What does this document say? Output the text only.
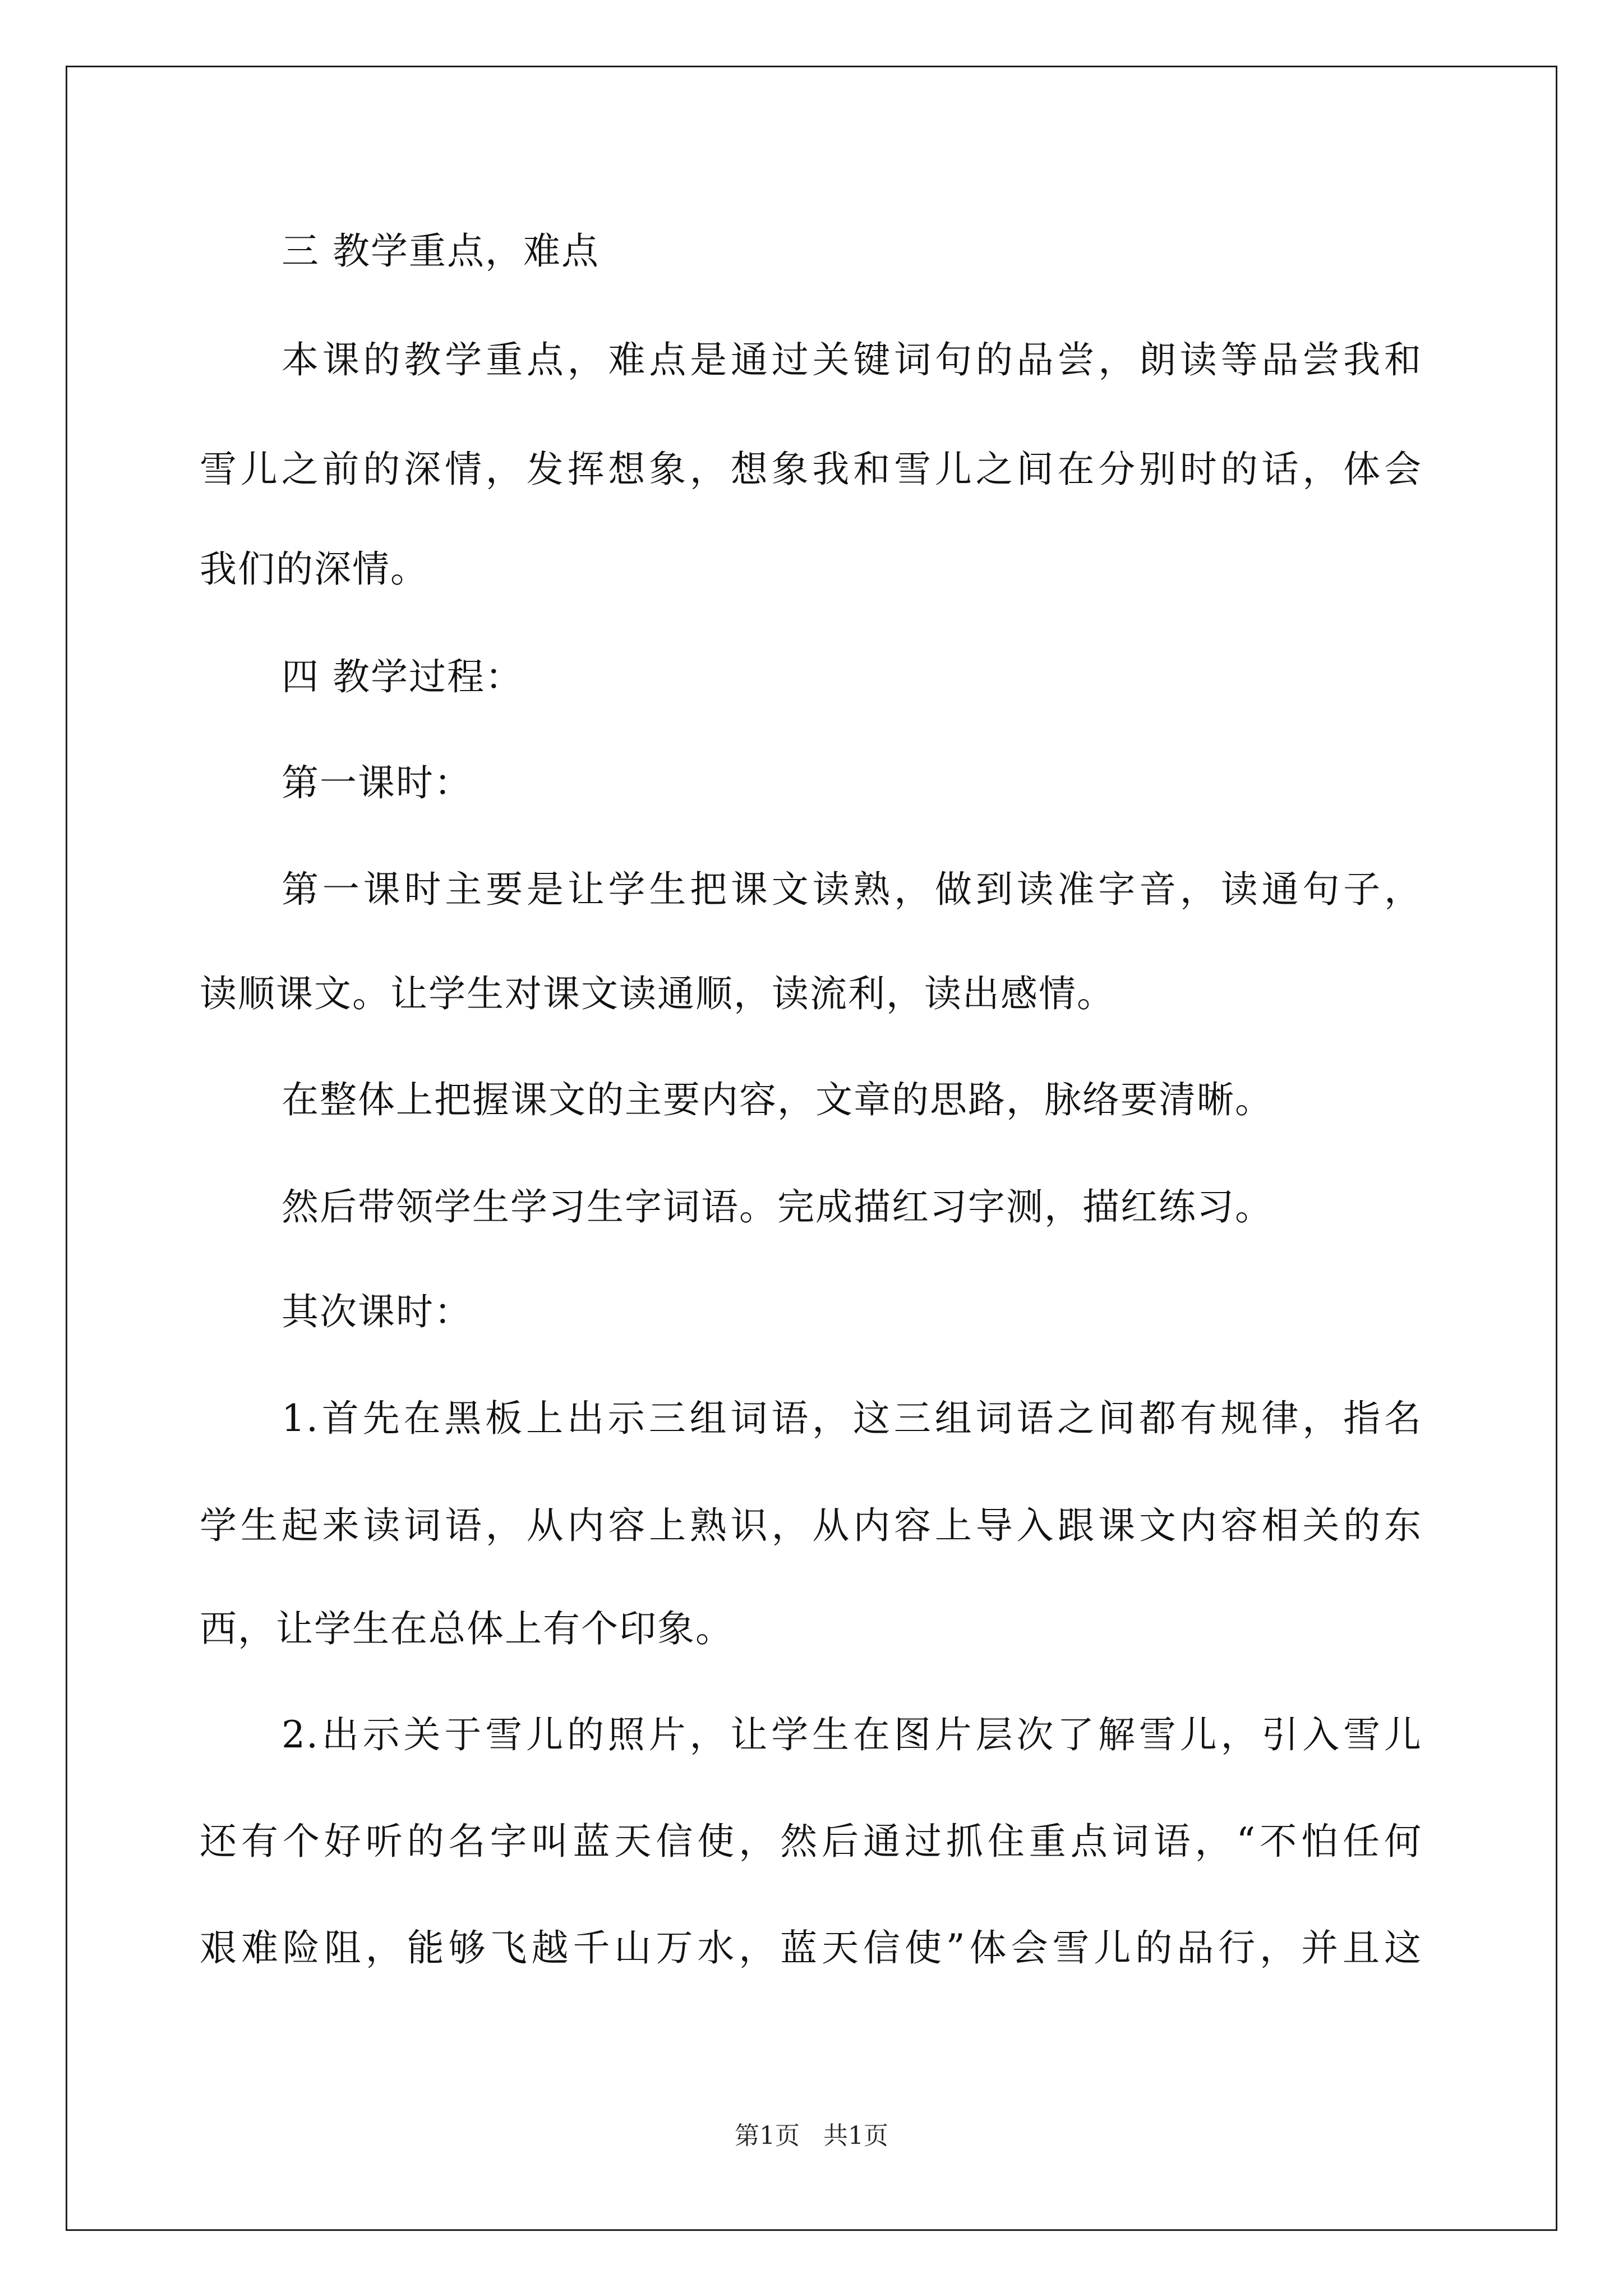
三 教学重点，难点
本课的教学重点，难点是通过关键词句的品尝，朗读等品尝我和
雪儿之前的深情，发挥想象，想象我和雪儿之间在分别时的话，体会
我们的深情。
四 教学过程：
第一课时：
第一课时主要是让学生把课文读熟，做到读准字音，读通句子，
读顺课文。让学生对课文读通顺，读流利，读出感情。
在整体上把握课文的主要内容，文章的思路，脉络要清晰。
然后带领学生学习生字词语。完成描红习字测，描红练习。
其次课时：
1.首先在黑板上出示三组词语，这三组词语之间都有规律，指名
学生起来读词语，从内容上熟识，从内容上导入跟课文内容相关的东
西，让学生在总体上有个印象。
2.出示关于雪儿的照片，让学生在图片层次了解雪儿，引入雪儿
还有个好听的名字叫蓝天信使，然后通过抓住重点词语，“不怕任何
艰难险阻，能够飞越千山万水，蓝天信使”体会雪儿的品行，并且这
第1页   共1页
